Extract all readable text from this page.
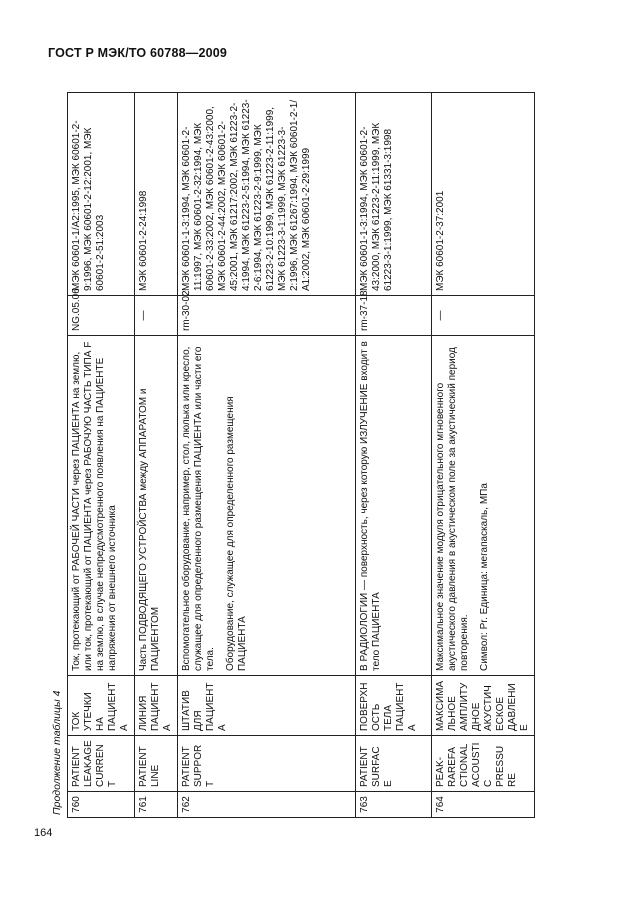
ГОСТ Р МЭК/ТО 60788—2009
164
Продолжение таблицы 4 760	PATIENT LEAKAGE CURRENT	ТОК УТЕЧКИ НА ПАЦИЕНТА	Ток, протекающий от РАБОЧЕЙ ЧАСТИ через ПАЦИЕНТА на землю, или ток, протекающий от ПАЦИЕНТА через РАБОЧУЮ ЧАСТЬ ТИПА F на землю, в случае непредусмотренного появления на ПАЦИЕНТЕ напряжения от внешнего источника	NG.05.06	МЭК 60601-1/А2:1995, МЭК 60601-2-9:1996, МЭК 60601-2-12:2001, МЭК 60601-2-51:2003
761	PATIENT LINE	ЛИНИЯ ПАЦИЕНТА	Часть ПОДВОДЯЩЕГО УСТРОЙСТВА между АППАРАТОМ и ПАЦИЕНТОМ	—	МЭК 60601-2-24:1998
762	PATIENT SUPPORT	ШТАТИВ ДЛЯ ПАЦИЕНТА	Вспомогательное оборудование, например, стол, люлька или кресло, служащее для определенного размещения ПАЦИЕНТА или части его тела. Оборудование, служащее для определенного размещения ПАЦИЕНТА	rm-30-02	МЭК 60601-1-3:1994, МЭК 60601-2-11:1997, МЭК 60601-2-32:1994, МЭК 60601-2-33:2002, МЭК 60601-2-43:2000, МЭК 60601-2-44:2002, МЭК 60601-2-45:2001, МЭК 61217:2002, МЭК 61223-2-4:1994, МЭК 61223-2-5:1994, МЭК 61223-2-6:1994, МЭК 61223-2-9:1999, МЭК 61223-2-10:1999, МЭК 61223-2-11:1999, МЭК 61223-3-1:1999, МЭК 61223-3-2:1996, МЭК 61267:1994, МЭК 60601-2-1/А1:2002, МЭК 60601-2-29:1999
763	PATIENT SURFACE	ПОВЕРХНОСТЬ ТЕЛА ПАЦИЕНТА	В РАДИОЛОГИИ — поверхность, через которую ИЗЛУЧЕНИЕ входит в тело ПАЦИЕНТА	rm-37-18	МЭК 60601-1-3:1994, МЭК 60601-2-43:2000, МЭК 61223-2-11:1999, МЭК 61223-3-1:1999, МЭК 61331-3:1998
764	PEAK-RAREFACTIONAL ACOUSTIC PRESSURE	МАКСИМАЛЬНОЕ АМПЛИТУДНОЕ АКУСТИЧЕСКОЕ ДАВЛЕНИЕ	Максимальное значение модуля отрицательного мгновенного акустического давления в акустическом поле за акустический период повторения. Символ: Pr. Единица: мегапаскаль, МПа	—	МЭК 60601-2-37:2001
